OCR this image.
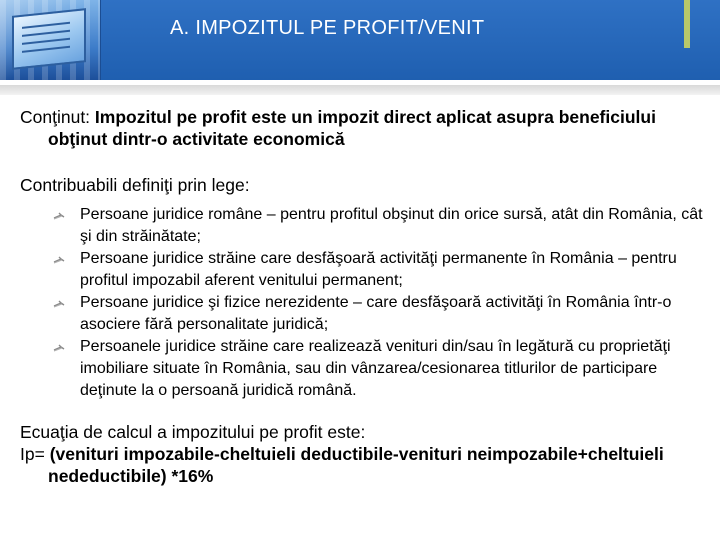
A. IMPOZITUL PE PROFIT/VENIT

Conţinut: Impozitul pe profit este un impozit direct aplicat asupra beneficiului obţinut dintr-o activitate economică

Contribuabili definiţi prin lege:

Persoane juridice române – pentru profitul obşinut din orice sursă, atât din România, cât şi din străinătate;
Persoane juridice străine care desfăşoară activităţi permanente în România – pentru profitul impozabil aferent venitului permanent;
Persoane juridice şi fizice nerezidente – care desfăşoară activităţi în România într-o asociere fără personalitate juridică;
Persoanele juridice străine care realizează venituri din/sau în legătură cu proprietăţi imobiliare situate în România, sau din vânzarea/cesionarea titlurilor de participare deţinute la o persoană juridică română.

Ecuaţia de calcul a impozitului pe profit este:

Ip= (venituri impozabile-cheltuieli deductibile-venituri neimpozabile+cheltuieli nedeductibile) *16%
